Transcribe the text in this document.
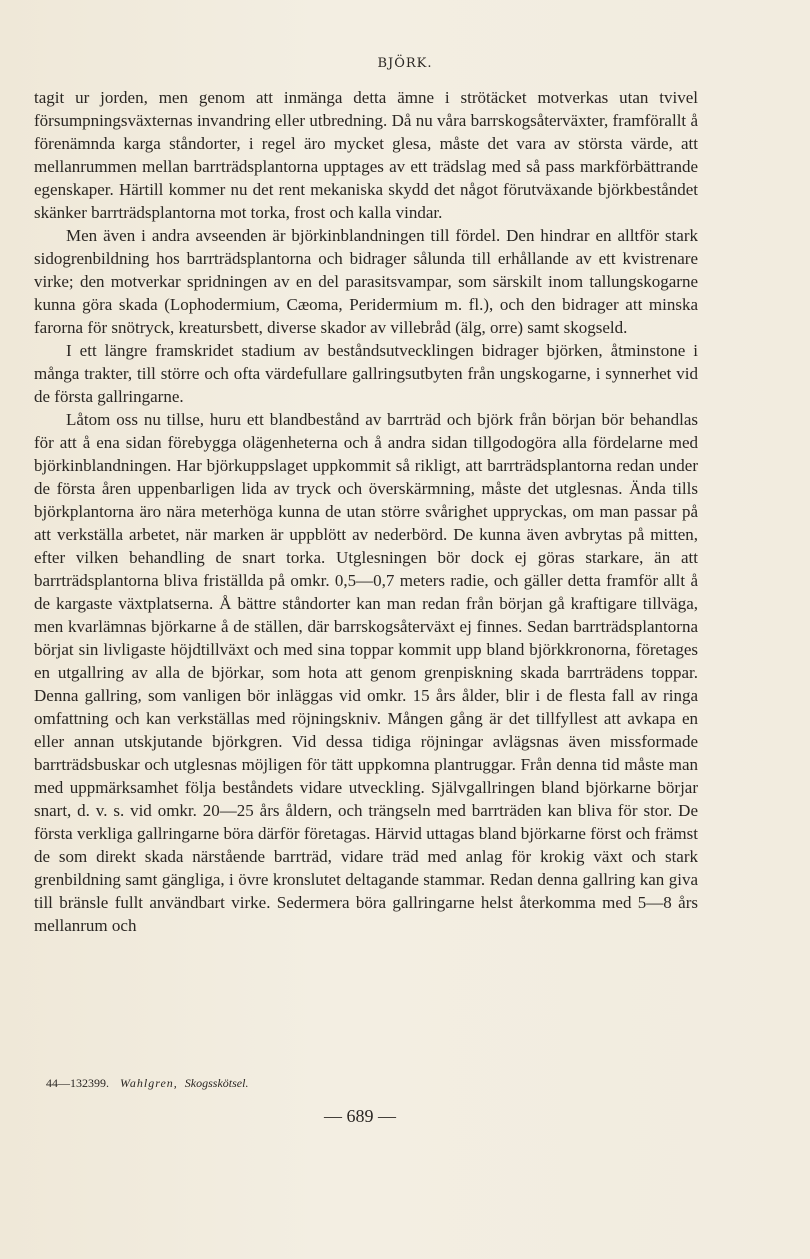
BJÖRK.

tagit ur jorden, men genom att inmänga detta ämne i strötäcket motverkas utan tvivel försumpningsväxternas invandring eller utbredning. Då nu våra barrskogsåterväxter, framförallt å förenämnda karga ståndorter, i regel äro mycket glesa, måste det vara av största värde, att mellanrummen mellan barrträdsplantorna upptages av ett trädslag med så pass markförbättrande egenskaper. Härtill kommer nu det rent mekaniska skydd det något förutväxande björkbeståndet skänker barrträdsplantorna mot torka, frost och kalla vindar.

Men även i andra avseenden är björkinblandningen till fördel. Den hindrar en alltför stark sidogrenbildning hos barrträdsplantorna och bidrager sålunda till erhållande av ett kvistrenare virke; den motverkar spridningen av en del parasitsvampar, som särskilt inom tallungskogarne kunna göra skada (Lophodermium, Cæoma, Peridermium m. fl.), och den bidrager att minska farorna för snötryck, kreatursbett, diverse skador av villebråd (älg, orre) samt skogseld.

I ett längre framskridet stadium av beståndsutvecklingen bidrager björken, åtminstone i många trakter, till större och ofta värdefullare gallringsutbyten från ungskogarne, i synnerhet vid de första gallringarne.

Låtom oss nu tillse, huru ett blandbestånd av barrträd och björk från början bör behandlas för att å ena sidan förebygga olägenheterna och å andra sidan tillgodogöra alla fördelarne med björkinblandningen. Har björkuppslaget uppkommit så rikligt, att barrträdsplantorna redan under de första åren uppenbarligen lida av tryck och överskärmning, måste det utglesnas. Ända tills björkplantorna äro nära meterhöga kunna de utan större svårighet uppryckas, om man passar på att verkställa arbetet, när marken är uppblött av nederbörd. De kunna även avbrytas på mitten, efter vilken behandling de snart torka. Utglesningen bör dock ej göras starkare, än att barrträdsplantorna bliva friställda på omkr. 0,5—0,7 meters radie, och gäller detta framför allt å de kargaste växtplatserna. Å bättre ståndorter kan man redan från början gå kraftigare tillväga, men kvarlämnas björkarne å de ställen, där barrskogsåterväxt ej finnes. Sedan barrträdsplantorna börjat sin livligaste höjdtillväxt och med sina toppar kommit upp bland björkkronorna, företages en utgallring av alla de björkar, som hota att genom grenpiskning skada barrträdens toppar. Denna gallring, som vanligen bör inläggas vid omkr. 15 års ålder, blir i de flesta fall av ringa omfattning och kan verkställas med röjningskniv. Mången gång är det tillfyllest att avkapa en eller annan utskjutande björkgren. Vid dessa tidiga röjningar avlägsnas även missformade barrträdsbuskar och utglesnas möjligen för tätt uppkomna plantruggar. Från denna tid måste man med uppmärksamhet följa beståndets vidare utveckling. Självgallringen bland björkarne börjar snart, d. v. s. vid omkr. 20—25 års åldern, och trängseln med barrträden kan bliva för stor. De första verkliga gallringarne böra därför företagas. Härvid uttagas bland björkarne först och främst de som direkt skada närstående barrträd, vidare träd med anlag för krokig växt och stark grenbildning samt gängliga, i övre kronslutet deltagande stammar. Redan denna gallring kan giva till bränsle fullt användbart virke. Sedermera böra gallringarne helst återkomma med 5—8 års mellanrum och

44—132399. Wahlgren, Skogsskötsel.
— 689 —
